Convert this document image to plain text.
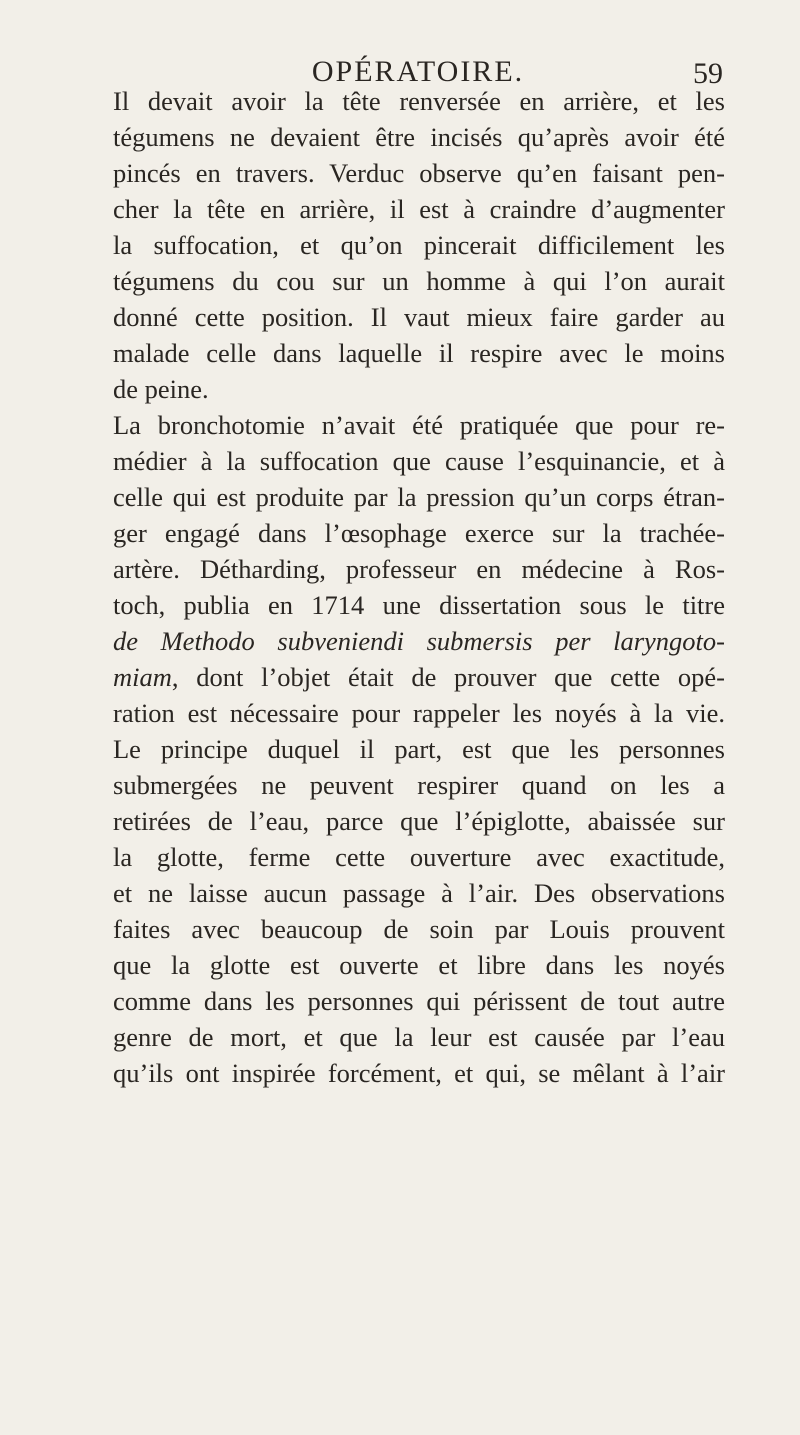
OPÉRATOIRE.	59
Il devait avoir la tête renversée en arrière, et les
tégumens ne devaient être incisés qu’après avoir été
pincés en travers. Verduc observe qu’en faisant pen-
cher la tête en arrière, il est à craindre d’augmenter
la suffocation, et qu’on pincerait difficilement les
tégumens du cou sur un homme à qui l’on aurait
donné cette position. Il vaut mieux faire garder au
malade celle dans laquelle il respire avec le moins
de peine.
La bronchotomie n’avait été pratiquée que pour re-
médier à la suffocation que cause l’esquinancie, et à
celle qui est produite par la pression qu’un corps étran-
ger engagé dans l’œsophage exerce sur la trachée-
artère. Détharding, professeur en médecine à Ros-
toch, publia en 1714 une dissertation sous le titre
de Methodo subveniendi submersis per laryngoto-
miam, dont l’objet était de prouver que cette opé-
ration est nécessaire pour rappeler les noyés à la vie.
Le principe duquel il part, est que les personnes
submergées ne peuvent respirer quand on les a
retirées de l’eau, parce que l’épiglotte, abaissée sur
la glotte, ferme cette ouverture avec exactitude,
et ne laisse aucun passage à l’air. Des observations
faites avec beaucoup de soin par Louis prouvent
que la glotte est ouverte et libre dans les noyés
comme dans les personnes qui périssent de tout autre
genre de mort, et que la leur est causée par l’eau
qu’ils ont inspirée forcément, et qui, se mêlant à l’air
